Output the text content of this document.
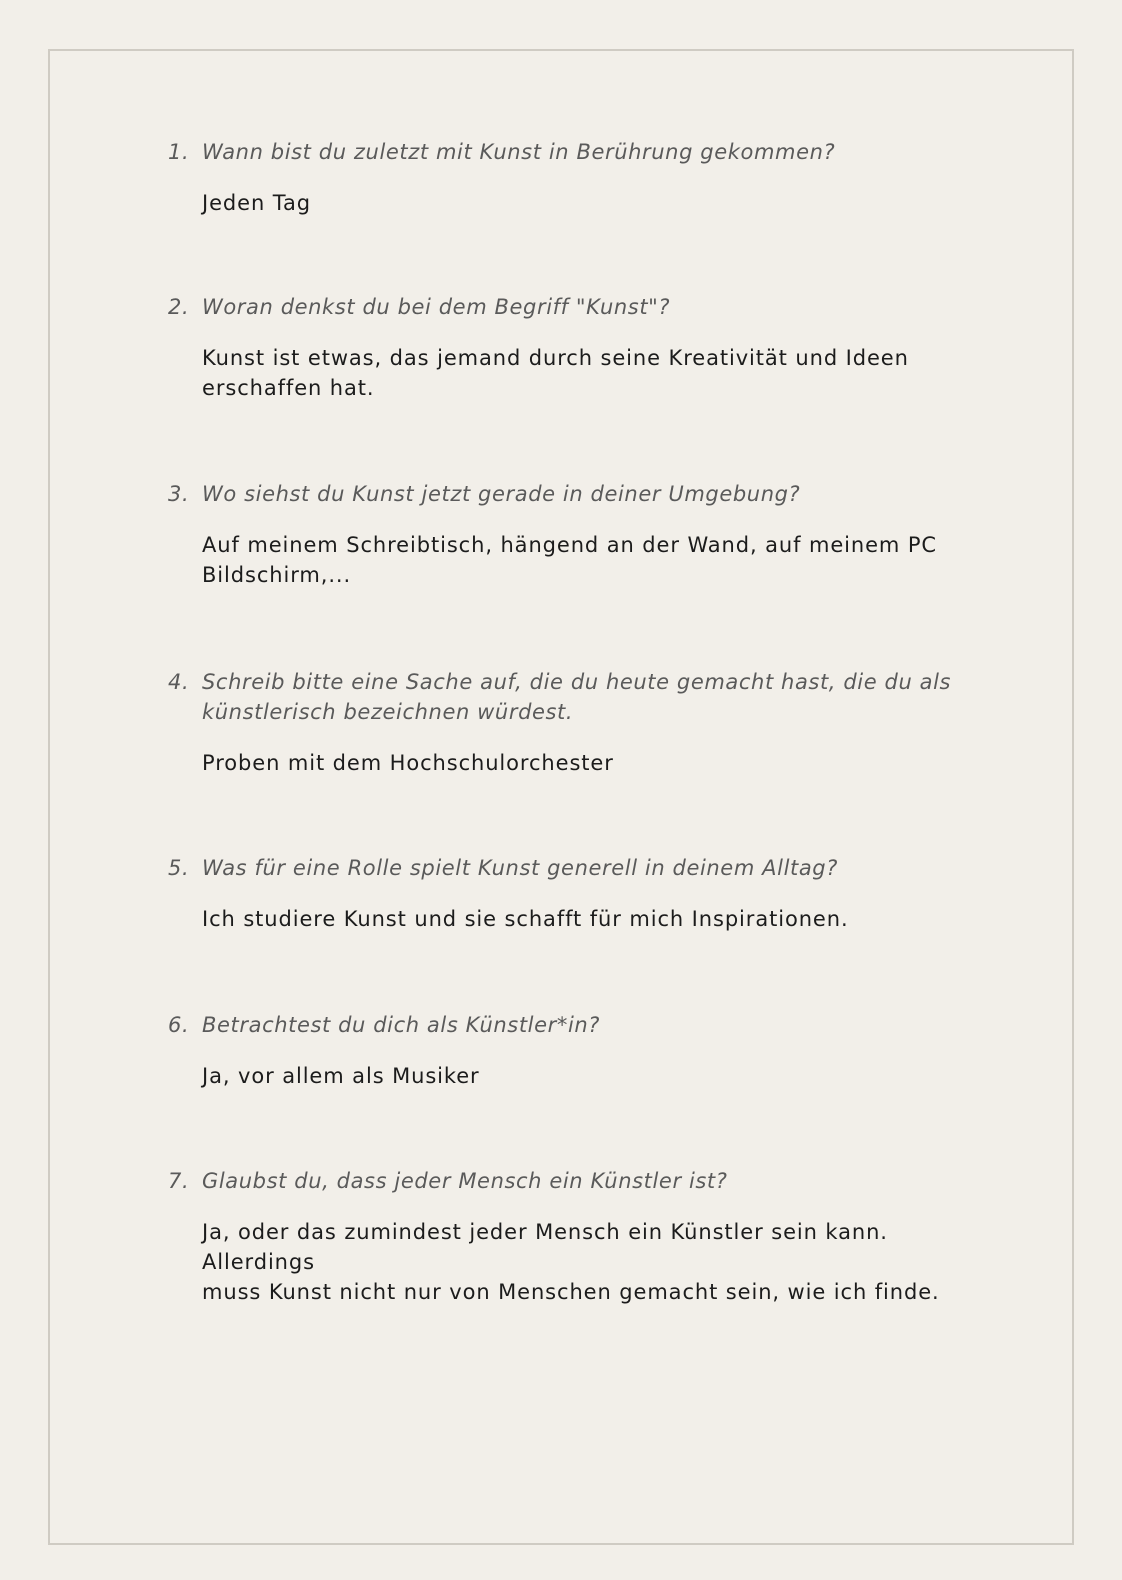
1. Wann bist du zuletzt mit Kunst in Berührung gekommen?
Jeden Tag
2. Woran denkst du bei dem Begriff "Kunst"?
Kunst ist etwas, das jemand durch seine Kreativität und Ideen
erschaffen hat.
3. Wo siehst du Kunst jetzt gerade in deiner Umgebung?
Auf meinem Schreibtisch, hängend an der Wand, auf meinem PC
Bildschirm,...
4. Schreib bitte eine Sache auf, die du heute gemacht hast, die du als künstlerisch bezeichnen würdest.
Proben mit dem Hochschulorchester
5. Was für eine Rolle spielt Kunst generell in deinem Alltag?
Ich studiere Kunst und sie schafft für mich Inspirationen.
6. Betrachtest du dich als Künstler*in?
Ja, vor allem als Musiker
7. Glaubst du, dass jeder Mensch ein Künstler ist?
Ja, oder das zumindest jeder Mensch ein Künstler sein kann. Allerdings
muss Kunst nicht nur von Menschen gemacht sein, wie ich finde.
